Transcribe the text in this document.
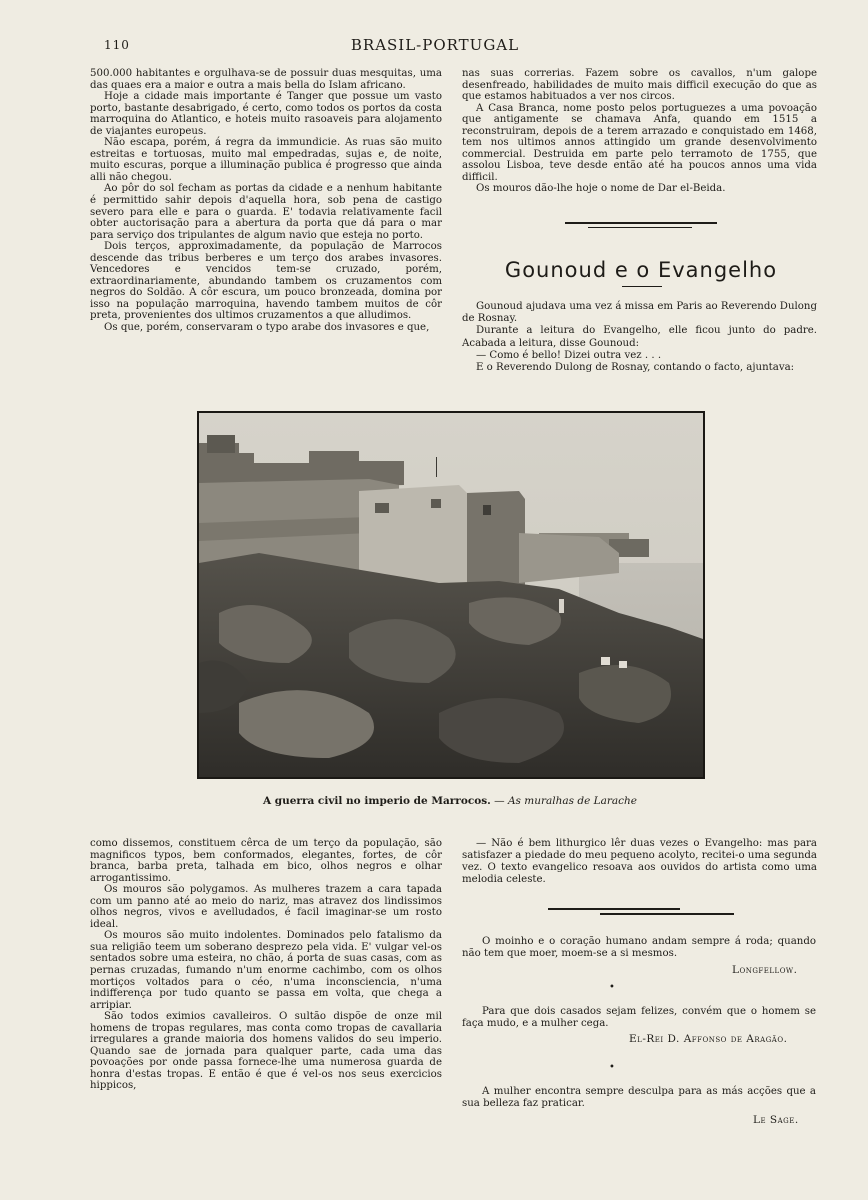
110	BRASIL-PORTUGAL

500.000 habitantes e orgulhava-se de possuir duas mesquitas, uma das quaes era a maior e outra a mais bella do Islam africano.

Hoje a cidade mais importante é Tanger que possue um vasto porto, bastante desabrigado, é certo, como todos os portos da costa marroquina do Atlantico, e hoteis muito rasoaveis para alojamento de viajantes europeus.

Não escapa, porém, á regra da immundicie. As ruas são muito estreitas e tortuosas, muito mal empedradas, sujas e, de noite, muito escuras, porque a illuminação publica é progresso que ainda alli não chegou.

Ao pôr do sol fecham as portas da cidade e a nenhum habitante é permittido sahir depois d'aquella hora, sob pena de castigo severo para elle e para o guarda. E' todavia relativamente facil obter auctorisação para a abertura da porta que dá para o mar para serviço dos tripulantes de algum navio que esteja no porto.

Dois terços, approximadamente, da população de Marrocos descende das tribus berberes e um terço dos arabes invasores. Vencedores e vencidos tem-se cruzado, porém, extraordinariamente, abundando tambem os cruzamentos com negros do Soldão. A côr escura, um pouco bronzeada, domina por isso na população marroquina, havendo tambem muitos de côr preta, provenientes dos ultimos cruzamentos a que alludimos.

Os que, porém, conservaram o typo arabe dos invasores e que,

nas suas correrias. Fazem sobre os cavallos, n'um galope desenfreado, habilidades de muito mais difficil execução do que as que estamos habituados a ver nos circos.

A Casa Branca, nome posto pelos portuguezes a uma povoação que antigamente se chamava Anfa, quando em 1515 a reconstruiram, depois de a terem arrazado e conquistado em 1468, tem nos ultimos annos attingido um grande desenvolvimento commercial. Destruida em parte pelo terramoto de 1755, que assolou Lisboa, teve desde então até ha poucos annos uma vida difficil.

Os mouros dão-lhe hoje o nome de Dar el-Beida.

Gounoud e o Evangelho

Gounoud ajudava uma vez á missa em Paris ao Reverendo Dulong de Rosnay.

Durante a leitura do Evangelho, elle ficou junto do padre. Acabada a leitura, disse Gounoud:

— Como é bello! Dizei outra vez . . .

E o Reverendo Dulong de Rosnay, contando o facto, ajuntava:

A guerra civil no imperio de Marrocos. — As muralhas de Larache

como dissemos, constituem cêrca de um terço da população, são magnificos typos, bem conformados, elegantes, fortes, de côr branca, barba preta, talhada em bico, olhos negros e olhar arrogantissimo.

Os mouros são polygamos. As mulheres trazem a cara tapada com um panno até ao meio do nariz, mas atravez dos lindissimos olhos negros, vivos e avelludados, é facil imaginar-se um rosto ideal.

Os mouros são muito indolentes. Dominados pelo fatalismo da sua religião teem um soberano desprezo pela vida. E' vulgar vel-os sentados sobre uma esteira, no chão, á porta de suas casas, com as pernas cruzadas, fumando n'um enorme cachimbo, com os olhos mortiços voltados para o céo, n'uma inconsciencia, n'uma indifferença por tudo quanto se passa em volta, que chega a arripiar.

São todos eximios cavalleiros. O sultão dispõe de onze mil homens de tropas regulares, mas conta como tropas de cavallaria irregulares a grande maioria dos homens validos do seu imperio. Quando sae de jornada para qualquer parte, cada uma das povoações por onde passa fornece-lhe uma numerosa guarda de honra d'estas tropas. E então é que é vel-os nos seus exercicios hippicos,

— Não é bem lithurgico lêr duas vezes o Evangelho: mas para satisfazer a piedade do meu pequeno acolyto, recitei-o uma segunda vez. O texto evangelico resoava aos ouvidos do artista como uma melodia celeste.

O moinho e o coração humano andam sempre á roda; quando não tem que moer, moem-se a si mesmos.

Longfellow.
•

Para que dois casados sejam felizes, convém que o homem se faça mudo, e a mulher cega.

El-Rei D. Affonso de Aragão.
•

A mulher encontra sempre desculpa para as más acções que a sua belleza faz praticar.

Le Sage.
